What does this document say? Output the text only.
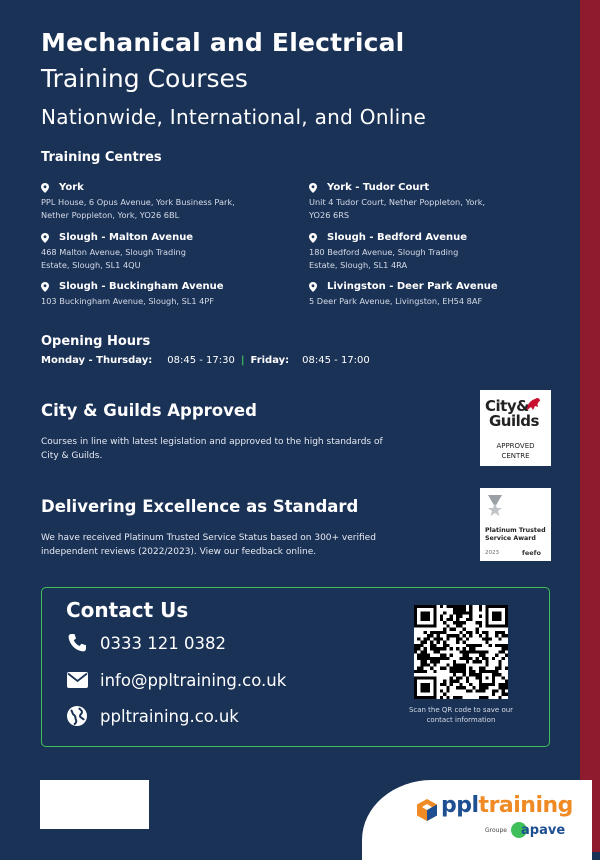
Mechanical and Electrical
Training Courses
Nationwide, International, and Online
Training Centres
York
PPL House, 6 Opus Avenue, York Business Park, Nether Poppleton, York, YO26 6BL
York - Tudor Court
Unit 4 Tudor Court, Nether Poppleton, York, YO26 6RS
Slough - Malton Avenue
468 Malton Avenue, Slough Trading Estate, Slough, SL1 4QU
Slough - Bedford Avenue
180 Bedford Avenue, Slough Trading Estate, Slough, SL1 4RA
Slough - Buckingham Avenue
103 Buckingham Avenue, Slough, SL1 4PF
Livingston - Deer Park Avenue
5 Deer Park Avenue, Livingston, EH54 8AF
Opening Hours
Monday - Thursday: 08:45 - 17:30 | Friday: 08:45 - 17:00
City & Guilds Approved
Courses in line with latest legislation and approved to the high standards of City & Guilds.
City&
Guilds
APPROVED
CENTRE
Delivering Excellence as Standard
We have received Platinum Trusted Service Status based on 300+ verified independent reviews (2022/2023). View our feedback online.
Platinum Trusted
Service Award
2023	feefo
Contact Us
0333 121 0382
info@ppltraining.co.uk
ppltraining.co.uk	Scan the QR code to save our contact information
ppltraining
Groupe apave
